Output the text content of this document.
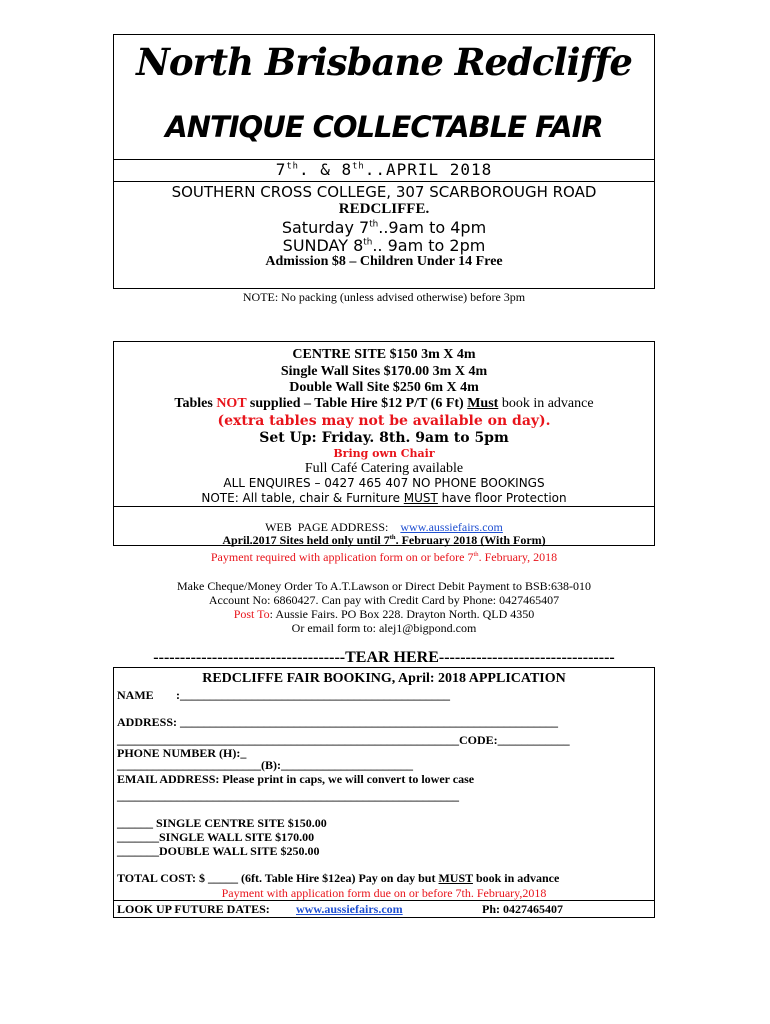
North Brisbane Redcliffe
ANTIQUE COLLECTABLE FAIR
7th. & 8th..APRIL 2018
SOUTHERN CROSS COLLEGE, 307 SCARBOROUGH ROAD
REDCLIFFE.
Saturday 7th..9am to 4pm
SUNDAY 8th.. 9am to 2pm
Admission $8 – Children Under 14 Free
NOTE: No packing (unless advised otherwise) before 3pm
CENTRE SITE $150 3m X 4m
Single Wall Sites $170.00 3m X 4m
Double Wall Site $250 6m X 4m
Tables NOT supplied – Table Hire $12 P/T (6 Ft) Must book in advance
(extra tables may not be available on day).
Set Up: Friday. 8th. 9am to 5pm
Bring own Chair
Full Café Catering available
ALL ENQUIRES – 0427 465 407 NO PHONE BOOKINGS
NOTE: All table, chair & Furniture MUST have floor Protection
WEB  PAGE ADDRESS:    www.aussiefairs.com
April.2017 Sites held only until 7th. February 2018 (With Form)
Payment required with application form on or before 7th. February, 2018
Make Cheque/Money Order To A.T.Lawson or Direct Debit Payment to BSB:638-010
Account No: 6860427. Can pay with Credit Card by Phone: 0427465407
Post To: Aussie Fairs. PO Box 228. Drayton North. QLD 4350
Or email form to: alej1@bigpond.com
------------------------------------TEAR HERE---------------------------------
REDCLIFFE FAIR BOOKING, April: 2018 APPLICATION
NAME :_____________________________________________
ADDRESS: _______________________________________________________________
_________________________________________________________CODE:____________
PHONE NUMBER (H):_
________________________(B):______________________
EMAIL ADDRESS: Please print in caps, we will convert to lower case
_________________________________________________________
______ SINGLE CENTRE SITE $150.00
_______SINGLE WALL SITE $170.00
_______DOUBLE WALL SITE $250.00
TOTAL COST: $ _____ (6ft. Table Hire $12ea) Pay on day but MUST book in advance
Payment with application form due on or before 7th. February,2018
LOOK UP FUTURE DATES: www.aussiefairs.com	Ph: 0427465407
